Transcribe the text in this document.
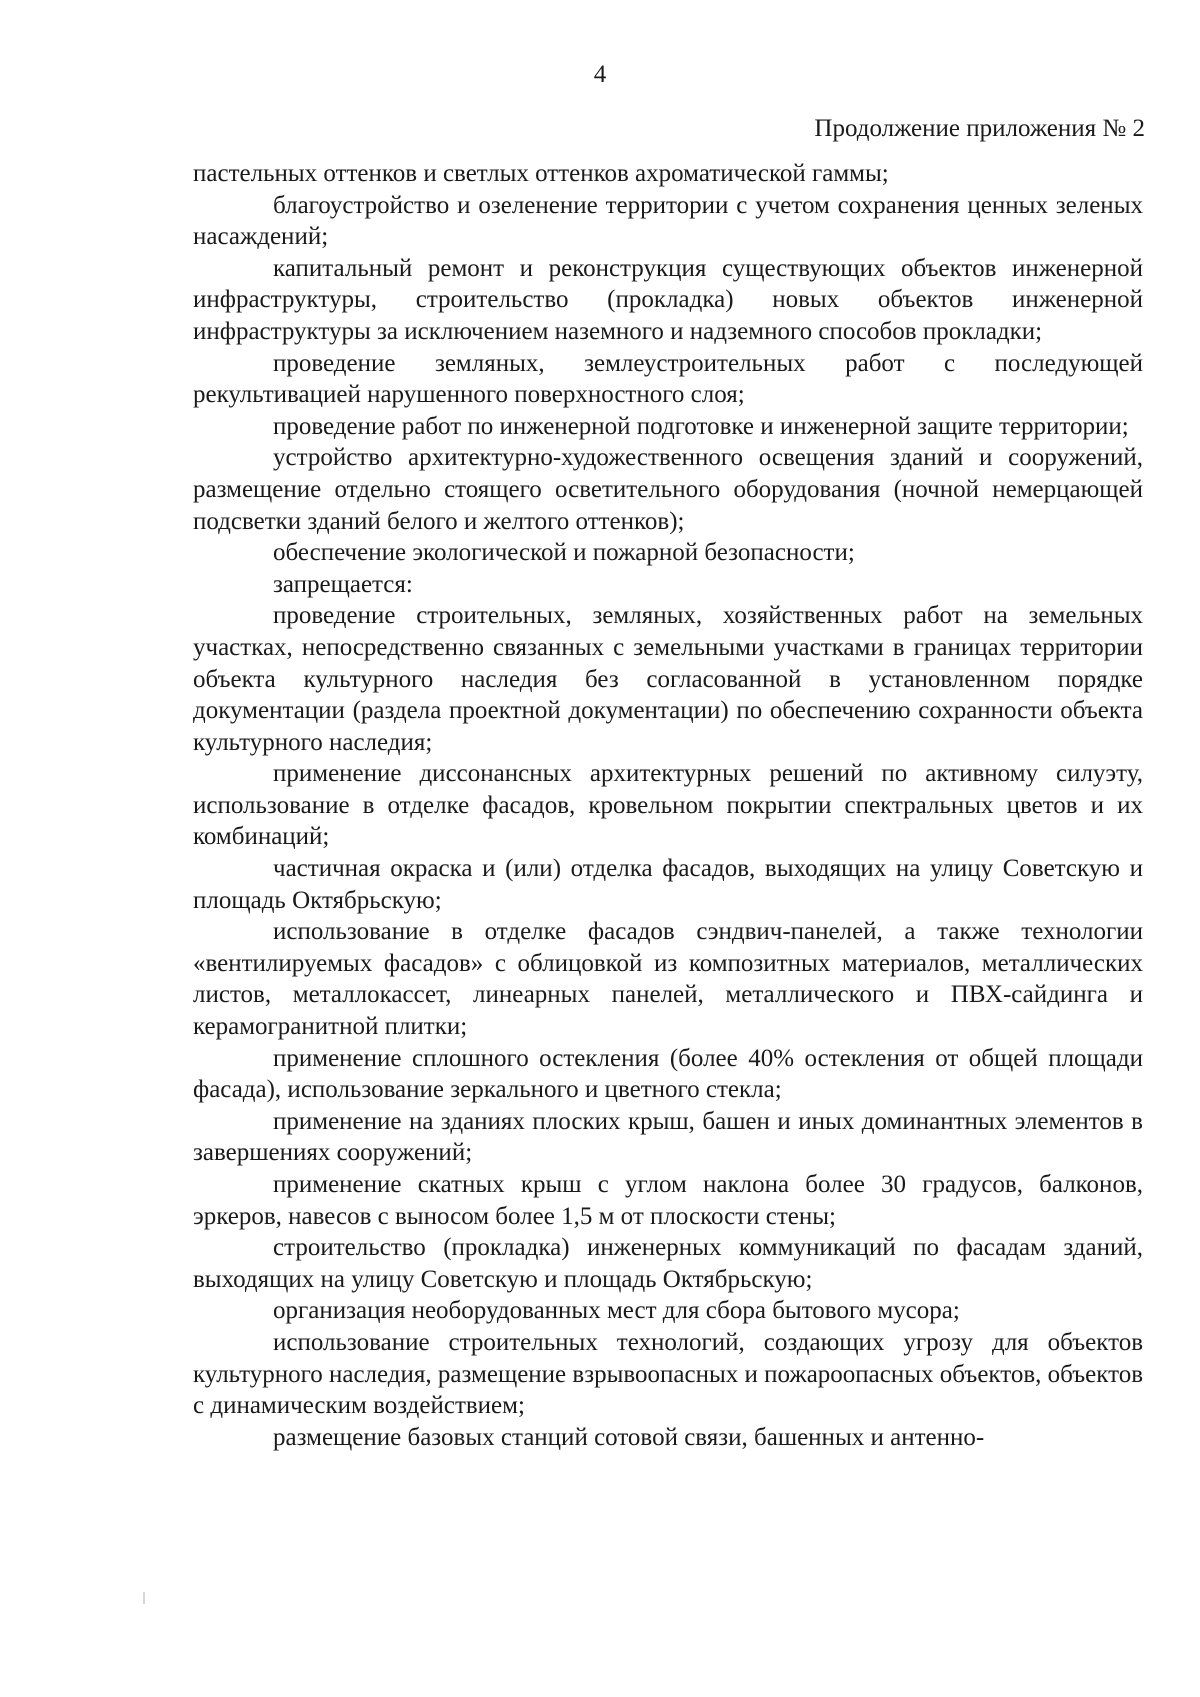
4
Продолжение приложения № 2

пастельных оттенков и светлых оттенков ахроматической гаммы;

благоустройство и озеленение территории с учетом сохранения ценных зеленых насаждений;

капитальный ремонт и реконструкция существующих объектов инженерной инфраструктуры, строительство (прокладка) новых объектов инженерной инфраструктуры за исключением наземного и надземного способов прокладки;

проведение земляных, землеустроительных работ с последующей рекультивацией нарушенного поверхностного слоя;

проведение работ по инженерной подготовке и инженерной защите территории;

устройство архитектурно-художественного освещения зданий и сооружений, размещение отдельно стоящего осветительного оборудования (ночной немерцающей подсветки зданий белого и желтого оттенков);

обеспечение экологической и пожарной безопасности;

запрещается:

проведение строительных, земляных, хозяйственных работ на земельных участках, непосредственно связанных с земельными участками в границах территории объекта культурного наследия без согласованной в установленном порядке документации (раздела проектной документации) по обеспечению сохранности объекта культурного наследия;

применение диссонансных архитектурных решений по активному силуэту, использование в отделке фасадов, кровельном покрытии спектральных цветов и их комбинаций;

частичная окраска и (или) отделка фасадов, выходящих на улицу Советскую и площадь Октябрьскую;

использование в отделке фасадов сэндвич-панелей, а также технологии «вентилируемых фасадов» с облицовкой из композитных материалов, металлических листов, металлокассет, линеарных панелей, металлического и ПВХ-сайдинга и керамогранитной плитки;

применение сплошного остекления (более 40% остекления от общей площади фасада), использование зеркального и цветного стекла;

применение на зданиях плоских крыш, башен и иных доминантных элементов в завершениях сооружений;

применение скатных крыш с углом наклона более 30 градусов, балконов, эркеров, навесов с выносом более 1,5 м от плоскости стены;

строительство (прокладка) инженерных коммуникаций по фасадам зданий, выходящих на улицу Советскую и площадь Октябрьскую;

организация необорудованных мест для сбора бытового мусора;

использование строительных технологий, создающих угрозу для объектов культурного наследия, размещение взрывоопасных и пожароопасных объектов, объектов с динамическим воздействием;

размещение базовых станций сотовой связи, башенных и антенно-
